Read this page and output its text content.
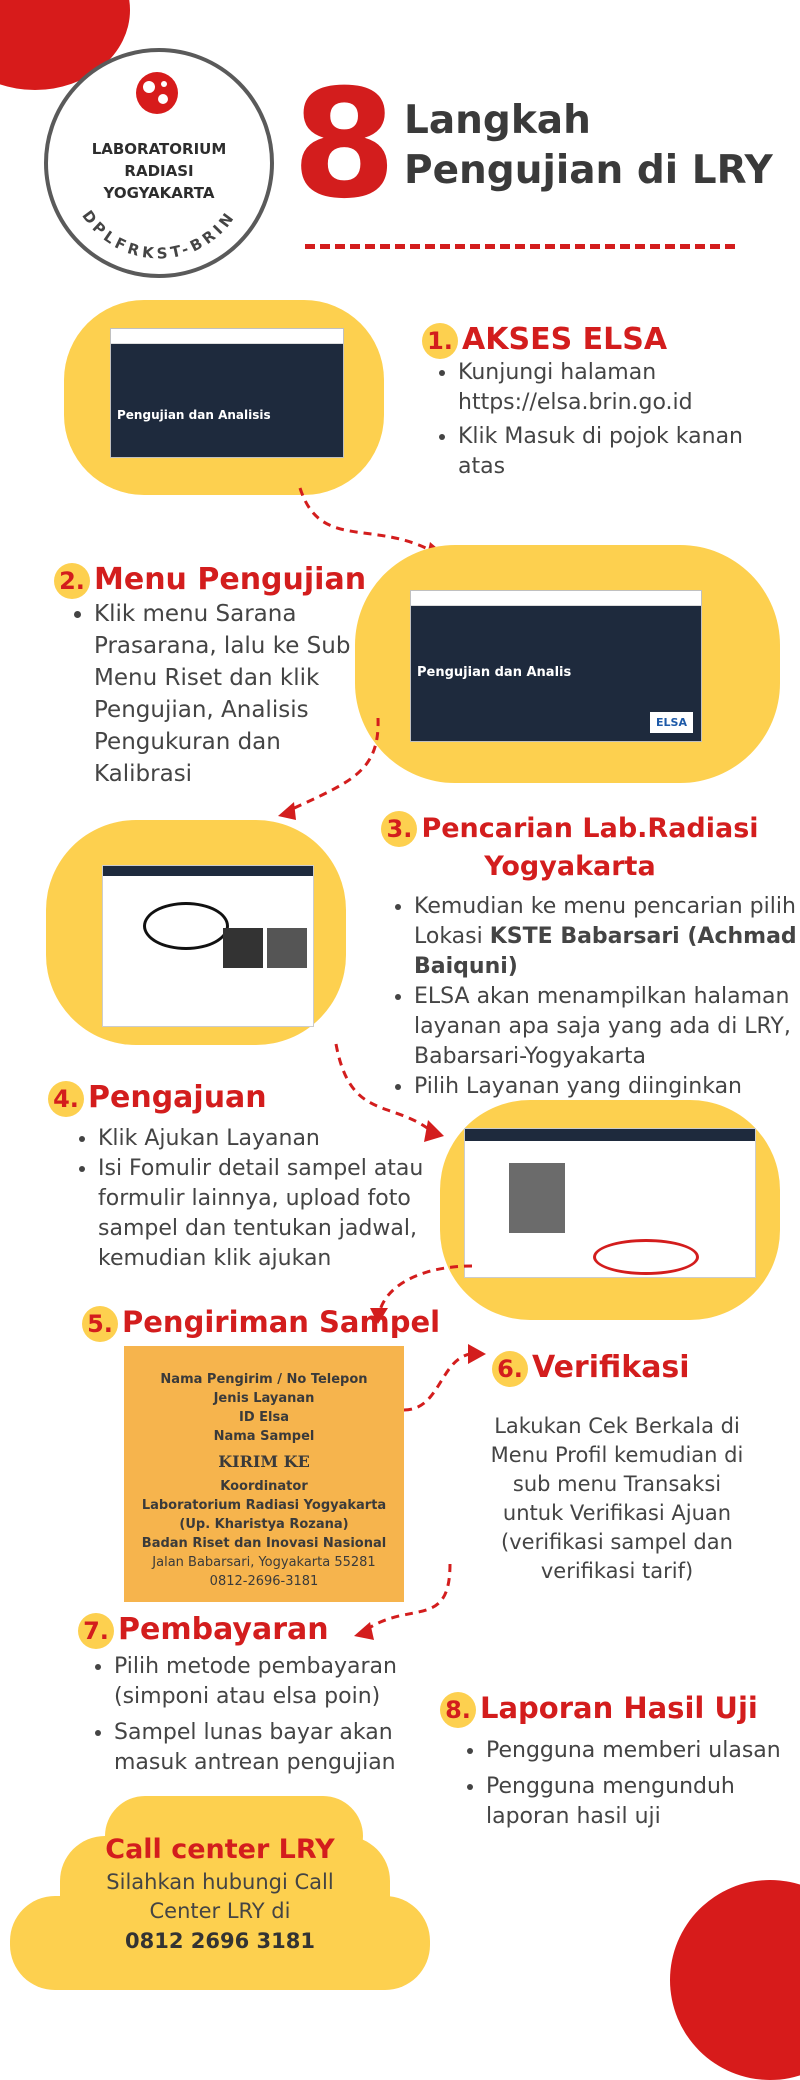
LABORATORIUM RADIASI YOGYAKARTA
DPLFRKST-BRIN 8 Langkah
Pengujian di LRY
Pengujian dan Analisis
1. AKSES ELSA
• Kunjungi halaman https://elsa.brin.go.id
• Klik Masuk di pojok kanan atas
2. Menu Pengujian
• Klik menu Sarana Prasarana, lalu ke Sub Menu Riset dan klik Pengujian, Analisis Pengukuran dan Kalibrasi
Pengujian dan Analis
ELSA
3. Pencarian Lab.Radiasi Yogyakarta
• Kemudian ke menu pencarian pilih Lokasi KSTE Babarsari (Achmad Baiquni)
• ELSA akan menampilkan halaman layanan apa saja yang ada di LRY, Babarsari-Yogyakarta
• Pilih Layanan yang diinginkan
4. Pengajuan
• Klik Ajukan Layanan
• Isi Fomulir detail sampel atau formulir lainnya, upload foto sampel dan tentukan jadwal, kemudian klik ajukan
5. Pengiriman Sampel
Nama Pengirim / No Telepon
Jenis Layanan
ID Elsa
Nama Sampel
KIRIM KE
Koordinator
Laboratorium Radiasi Yogyakarta
(Up. Kharistya Rozana)
Badan Riset dan Inovasi Nasional
Jalan Babarsari, Yogyakarta 55281
0812-2696-3181
6. Verifikasi
Lakukan Cek Berkala di Menu Profil kemudian di sub menu Transaksi untuk Verifikasi Ajuan (verifikasi sampel dan verifikasi tarif)
7. Pembayaran
• Pilih metode pembayaran (simponi atau elsa poin)
• Sampel lunas bayar akan masuk antrean pengujian
8. Laporan Hasil Uji
• Pengguna memberi ulasan
• Pengguna mengunduh laporan hasil uji
Call center LRY
Silahkan hubungi Call
Center LRY di
0812 2696 3181
